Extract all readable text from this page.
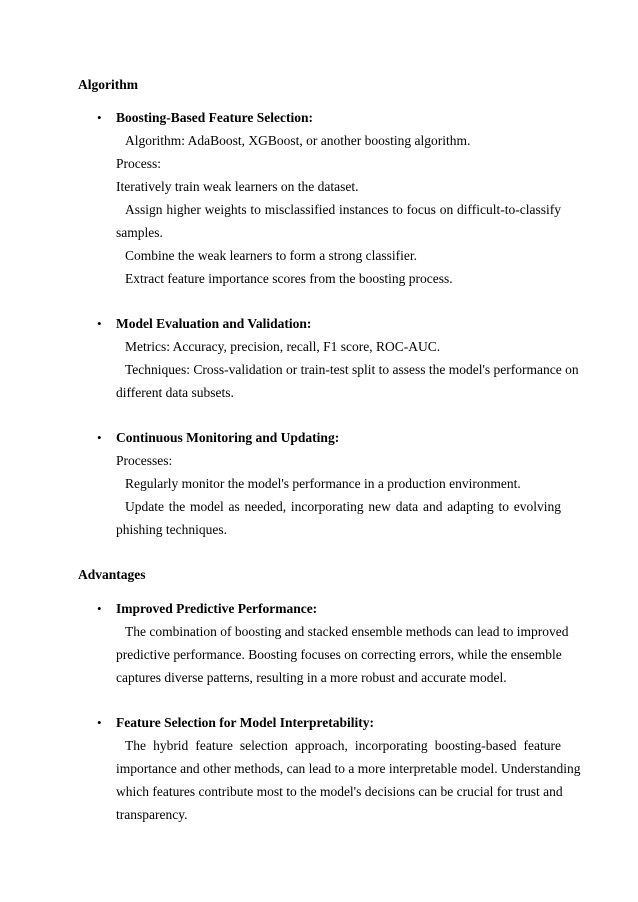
Algorithm
• Boosting-Based Feature Selection:
Algorithm: AdaBoost, XGBoost, or another boosting algorithm.
Process:
Iteratively train weak learners on the dataset.
Assign higher weights to misclassified instances to focus on difficult-to-classify
samples.
Combine the weak learners to form a strong classifier.
Extract feature importance scores from the boosting process.
• Model Evaluation and Validation:
Metrics: Accuracy, precision, recall, F1 score, ROC-AUC.
Techniques: Cross-validation or train-test split to assess the model's performance on
different data subsets.
• Continuous Monitoring and Updating:
Processes:
Regularly monitor the model's performance in a production environment.
Update the model as needed, incorporating new data and adapting to evolving
phishing techniques.
Advantages
• Improved Predictive Performance:
The combination of boosting and stacked ensemble methods can lead to improved
predictive performance. Boosting focuses on correcting errors, while the ensemble
captures diverse patterns, resulting in a more robust and accurate model.
• Feature Selection for Model Interpretability:
The hybrid feature selection approach, incorporating boosting-based feature
importance and other methods, can lead to a more interpretable model. Understanding
which features contribute most to the model's decisions can be crucial for trust and
transparency.
